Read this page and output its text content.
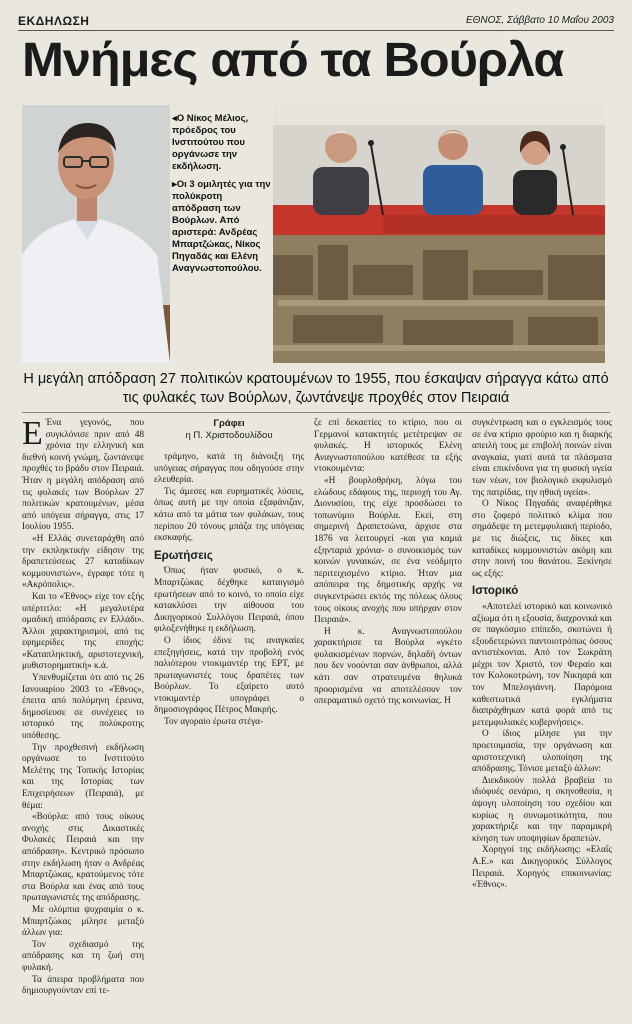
ΕΚΔΗΛΩΣΗ	ΕΘΝΟΣ, Σάββατο 10 Μαΐου 2003
Μνήμες από τα Βούρλα

◂Ο Νίκος Μέλιος, πρόεδρος του Ινστιτούτου που οργάνωσε την εκδήλωση.

▸Οι 3 ομιλητές για την πολύκροτη απόδραση των Βούρλων. Από αριστερά: Ανδρέας Μπαρτζώκας, Νίκος Πηγαδάς και Ελένη Αναγνωστοπούλου.

Η μεγάλη απόδραση 27 πολιτικών κρατουμένων το 1955, που έσκαψαν σήραγγα κάτω από τις φυλακές των Βούρλων, ζωντάνεψε προχθές στον Πειραιά

Ε Ένα γεγονός, που συγκλόνισε πριν από 48 χρόνια την ελληνική και διεθνή κοινή γνώμη, ζωντάνεψε προχθές το βράδυ στον Πειραιά. Ήταν η μεγάλη απόδραση από τις φυλακές των Βούρλων 27 πολιτικών κρατουμένων, μέσα από υπόγεια σήραγγα, στις 17 Ιουλίου 1955.

«Η Ελλάς συνεταράχθη από την εκπληκτικήν είδησιν της δραπετεύσεως 27 καταδίκων κομμουνιστών», έγραφε τότε η «Ακρόπολις».

Και το «Έθνος» είχε τον εξής υπέρτιτλο: «Η μεγαλυτέρα ομαδική απόδρασις εν Ελλάδι». Άλλοι χαρακτηρισμοί, από τις εφημερίδες της εποχής: «Καταπληκτική, αριστοτεχνική, μυθιστορηματική» κ.ά.

Υπενθυμίζεται ότι από τις 26 Ιανουαρίου 2003 το «Έθνος», έπειτα από πολύμηνη έρευνα, δημοσίευσε σε συνέχειες το ιστορικό της πολύκροτης υπόθεσης.

Την προχθεσινή εκδήλωση οργάνωσε το Ινστιτούτο Μελέτης της Τοπικής Ιστορίας και της Ιστορίας των Επιχειρήσεων (Πειραιά), με θέμα:

«Βούρλα: από τους οίκους ανοχής στις Δικαστικές Φυλακές Πειραιά και την απόδραση». Κεντρικό πρόσωπο στην εκδήλωση ήταν ο Ανδρέας Μπαρτζώκας, κρατούμενος τότε στα Βούρλα και ένας από τους πρωταγωνιστές της απόδρασης.

Με ολύμπια ψυχραιμία ο κ. Μπαρτζώκας μίλησε μεταξύ άλλων για:

Τον σχεδιασμό της απόδρασης και τη ζωή στη φυλακή.

Τα άπειρα προβλήματα που δημιουργούνταν επί τε-

Γράφει
η Π. Χριστοδουλίδου

τράμηνο, κατά τη διάνοιξη της υπόγειας σήραγγας που οδηγούσε στην ελευθερία.

Τις άμεσες και ευρηματικές λύσεις, όπως αυτή με την οποία εξαφάνιζαν, κάτω από τα μάτια των φυλάκων, τους περίπου 20 τόνους μπάζα της υπόγειας εκσκαφής.

Ερωτήσεις

Όπως ήταν φυσικό, ο κ. Μπαρτζώκας δέχθηκε καταιγισμό ερωτήσεων από το κοινό, το οποίο είχε κατακλύσει την αίθουσα του Δικηγορικού Συλλόγου Πειραιά, όπου φιλοξενήθηκε η εκδήλωση.

Ο ίδιος έδινε τις αναγκαίες επεξηγήσεις, κατά την προβολή ενός παλιότερου ντοκιμαντέρ της ΕΡΤ, με πρωταγωνιστές τους δραπέτες των Βούρλων. Το εξαίρετο αυτό ντοκιμαντέρ υπογράφει ο δημοσιογράφος Πέτρος Μακρής.

Τον αγοραίο έρωτα στέγα-

ζε επί δεκαετίες το κτίριο, που οι Γερμανοί κατακτητές μετέτρεψαν σε φυλακές. Η ιστορικός Ελένη Αναγνωστοπούλου κατέθεσε τα εξής ντοκουμέντα:

«Η βουρλοθρήκη, λόγω του ελώδους εδάφους της, περιοχή του Αγ. Διονυσίου, της είχε προσδώσει το τοπωνύμιο Βούρλα. Εκεί, στη σημερινή Δραπετσώνα, άρχισε στα 1876 να λειτουργεί -και για καμιά εξηνταριά χρόνια- ο συνοικισμός των κοινών γυναικών, σε ένα νεόδμητο περιτειχισμένο κτίριο. Ήταν μια απόπειρα της δημοτικής αρχής να συγκεντρώσει εκτός της πόλεως όλους τους οίκους ανοχής που υπήρχαν στον Πειραιά».

Η κ. Αναγνωστοπούλου χαρακτήρισε τα Βούρλα «γκέτο φυλακισμένων πορνών, δηλαδή όντων που δεν νοούνται σαν άνθρωποι, αλλά κάτι σαν στρατευμένα θηλυκά προορισμένα να αποτελέσουν τον οπεραματικό οχετό της κοινωνίας. Η

συγκέντρωση και ο εγκλεισμός τους σε ένα κτίριο φρούριο και η διαρκής απειλή τους με επιβολή ποινών είναι αναγκαία, γιατί αυτά τα πλάσματα είναι επικίνδυνα για τη φυσική υγεία των νέων, τον βιολογικό εκφυλισμό της πατρίδας, την ηθική υγεία».

Ο Νίκος Πηγαδάς αναφέρθηκε στο ζοφερό πολιτικό κλίμα που σημάδεψε τη μετεμφυλιακή περίοδο, με τις διώξεις, τις δίκες και καταδίκες κομμουνιστών ακόμη και στην ποινή του θανάτου. Ξεκίνησε ως εξής:

Ιστορικό

«Αποτελεί ιστορικό και κοινωνικό αξίωμα ότι η εξουσία, διαχρονικά και σε παγκόσμιο επίπεδο, σκοτώνει ή εξουδετερώνει παντοιοτρόπως όσους αντιστέκονται. Από τον Σωκράτη μέχρι τον Χριστό, τον Φεραίο και τον Κολοκοτρώνη, τον Νικηαρά και τον Μπελογιάννη. Παρόμοια καθεστωτικά εγκλήματα διαπράχθηκαν κατά φορά από τις μετεμφυλιακές κυβερνήσεις».

Ο ίδιος μίλησε για την προετοιμασία, την οργάνωση και αριστοτεχνική υλοποίηση της απόδρασης. Τόνισε μεταξύ άλλων:

Διεκδικούν πολλά βραβεία το ιδιόφυές σενάριο, η σκηνοθεσία, η άψογη υλοποίηση του σχεδίου και κυρίως η συνωμοτικότητα, που χαρακτήριζε και την παραμικρή κίνηση των υποψηφίων δραπετών.

Χορηγοί της εκδήλωσης: «Ελαΐς Α.Ε.» και Δικηγορικός Σύλλογος Πειραιά. Χορηγός επικοινωνίας: «Έθνος».
